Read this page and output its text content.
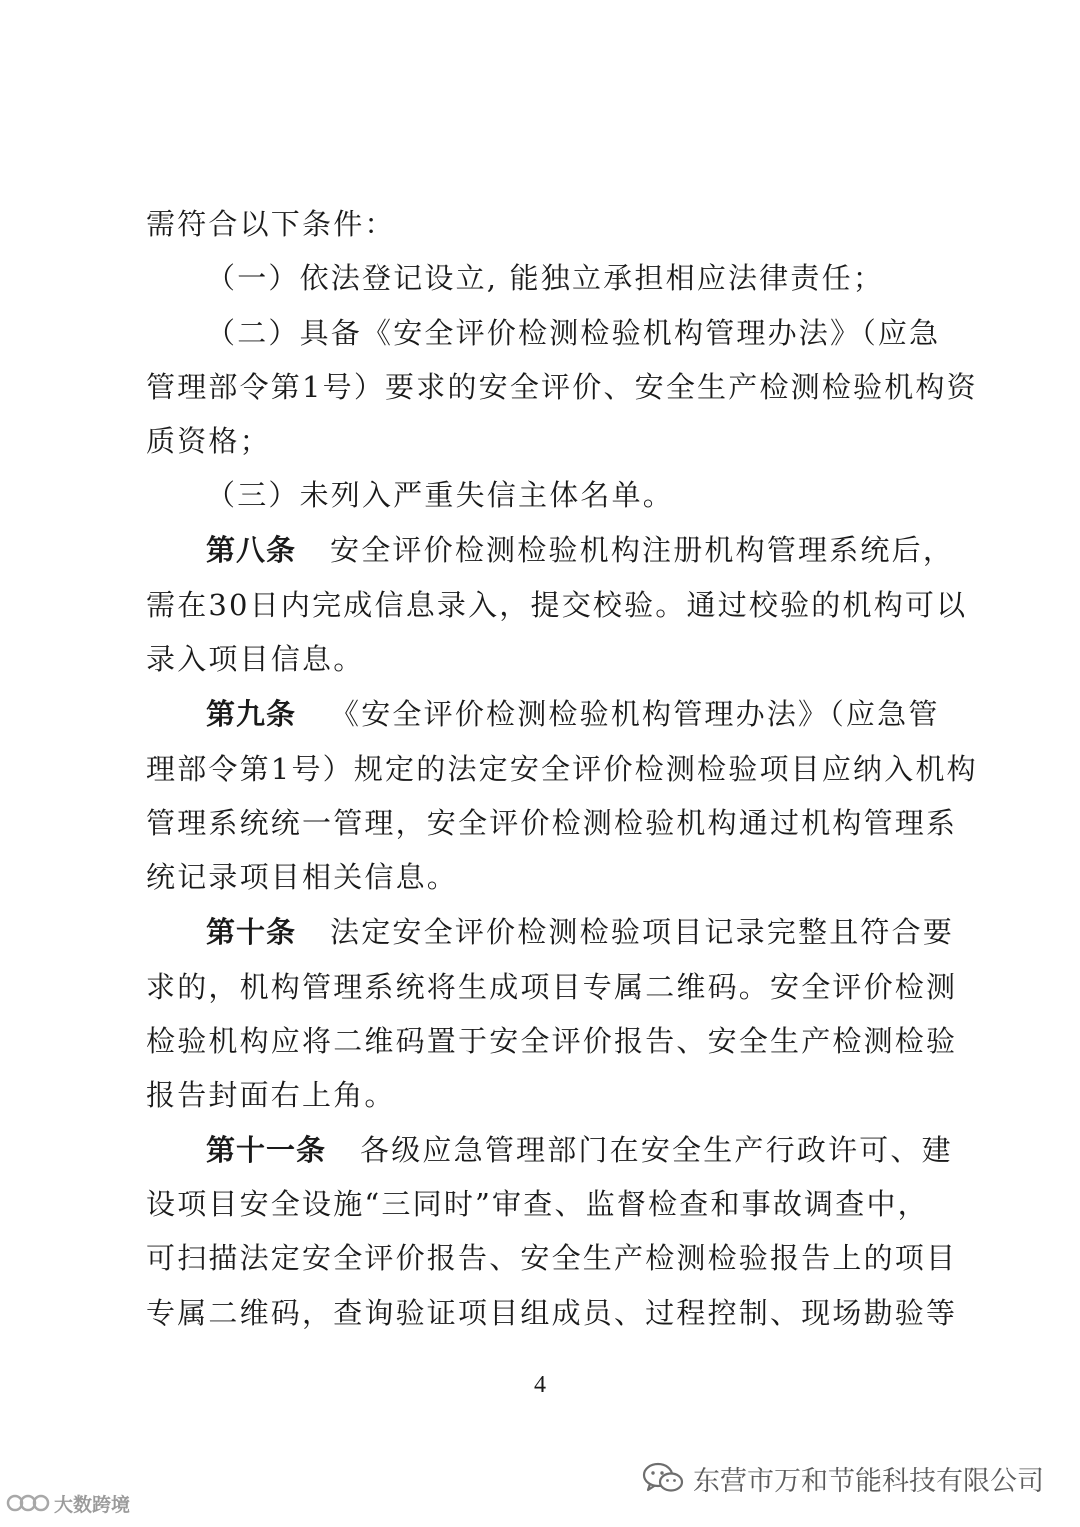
需符合以下条件：
（一）依法登记设立, 能独立承担相应法律责任；
（二）具备《安全评价检测检验机构管理办法》（应急
管理部令第1号）要求的安全评价、安全生产检测检验机构资
质资格；
（三）未列入严重失信主体名单。
第八条 安全评价检测检验机构注册机构管理系统后，
需在30日内完成信息录入，提交校验。通过校验的机构可以
录入项目信息。
第九条 《安全评价检测检验机构管理办法》（应急管
理部令第1号）规定的法定安全评价检测检验项目应纳入机构
管理系统统一管理，安全评价检测检验机构通过机构管理系
统记录项目相关信息。
第十条 法定安全评价检测检验项目记录完整且符合要
求的，机构管理系统将生成项目专属二维码。安全评价检测
检验机构应将二维码置于安全评价报告、安全生产检测检验
报告封面右上角。
第十一条 各级应急管理部门在安全生产行政许可、建
设项目安全设施“三同时”审查、监督检查和事故调查中，
可扫描法定安全评价报告、安全生产检测检验报告上的项目
专属二维码，查询验证项目组成员、过程控制、现场勘验等
4
东营市万和节能科技有限公司
大数跨境
